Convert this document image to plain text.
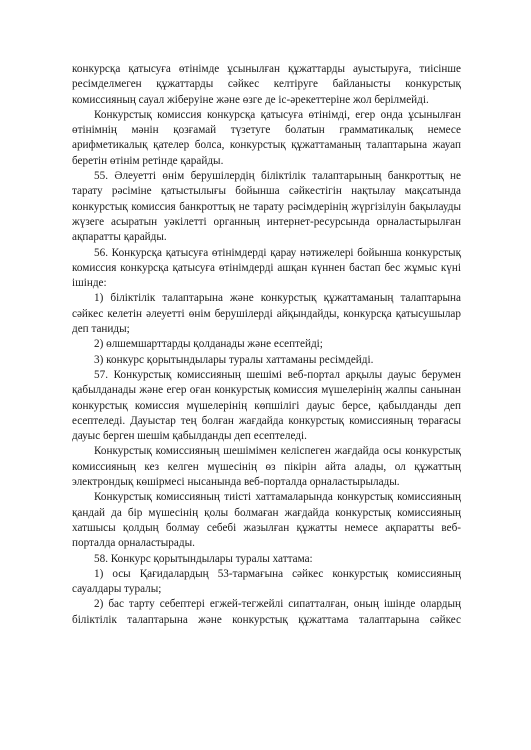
конкурсқа қатысуға өтінімде ұсынылған құжаттарды ауыстыруға, тиісінше ресімделмеген құжаттарды сәйкес келтіруге байланысты конкурстық комиссияның сауал жіберуіне және өзге де іс-әрекеттеріне жол берілмейді.

Конкурстық комиссия конкурсқа қатысуға өтінімді, егер онда ұсынылған өтінімнің мәнін қозғамай түзетуге болатын грамматикалық немесе арифметикалық қателер болса, конкурстық құжаттаманың талаптарына жауап беретін өтінім ретінде қарайды.

55. Әлеуетті өнім берушілердің біліктілік талаптарының банкроттық не тарату рәсіміне қатыстылығы бойынша сәйкестігін нақтылау мақсатында конкурстық комиссия банкроттық не тарату рәсімдерінің жүргізілуін бақылауды жүзеге асыратын уәкілетті органның интернет-ресурсында орналастырылған ақпаратты қарайды.

56. Конкурсқа қатысуға өтінімдерді қарау нәтижелері бойынша конкурстық комиссия конкурсқа қатысуға өтінімдерді ашқан күннен бастап бес жұмыс күні ішінде:

1) біліктілік талаптарына және конкурстық құжаттаманың талаптарына сәйкес келетін әлеуетті өнім берушілерді айқындайды, конкурсқа қатысушылар деп таниды;

2) өлшемшарттарды қолданады және есептейді;

3) конкурс қорытындылары туралы хаттаманы ресімдейді.

57. Конкурстық комиссияның шешімі веб-портал арқылы дауыс берумен қабылданады және егер оған конкурстық комиссия мүшелерінің жалпы санынан конкурстық комиссия мүшелерінің көпшілігі дауыс берсе, қабылданды деп есептеледі. Дауыстар тең болған жағдайда конкурстық комиссияның төрағасы дауыс берген шешім қабылданды деп есептеледі.

Конкурстық комиссияның шешімімен келіспеген жағдайда осы конкурстық комиссияның кез келген мүшесінің өз пікірін айта алады, ол құжаттың электрондық көшірмесі нысанында веб-порталда орналастырылады.

Конкурстық комиссияның тиісті хаттамаларында конкурстық комиссияның қандай да бір мүшесінің қолы болмаған жағдайда конкурстық комиссияның хатшысы қолдың болмау себебі жазылған құжатты немесе ақпаратты веб-порталда орналастырады.

58. Конкурс қорытындылары туралы хаттама:

1) осы Қағидалардың 53-тармағына сәйкес конкурстық комиссияның сауалдары туралы;

2) бас тарту себептері егжей-тегжейлі сипатталған, оның ішінде олардың біліктілік талаптарына және конкурстық құжаттама талаптарына сәйкес
